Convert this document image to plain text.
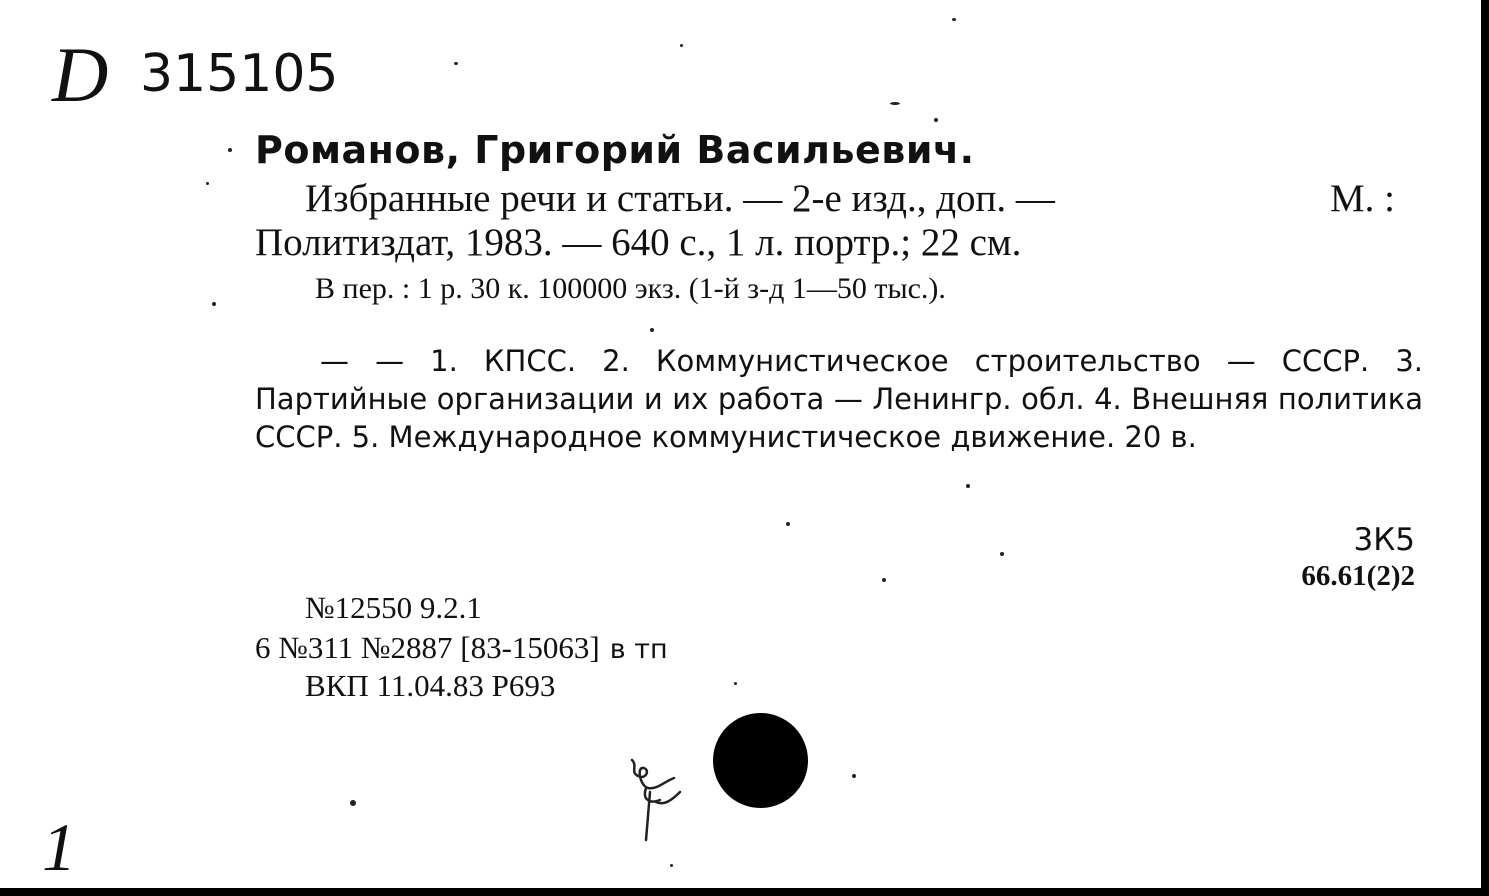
D 315105
Романов, Григорий Васильевич.
Избранные речи и статьи. — 2-е изд., доп. —	М. :
Политиздат, 1983. — 640 с., 1 л. портр.; 22 см.
В пер. : 1 р. 30 к. 100000 экз. (1-й з-д 1—50 тыс.).
— — 1. КПСС. 2. Коммунистическое строительство — СССР. 3. Партийные организации и их работа — Ленингр. обл. 4. Внешняя политика СССР. 5. Международное коммунистическое движение. 20 в.
3К5
66.61(2)2
№12550 9.2.1
6 №311 №2887 [83-15063] в тп
ВКП 11.04.83 Р693
1
